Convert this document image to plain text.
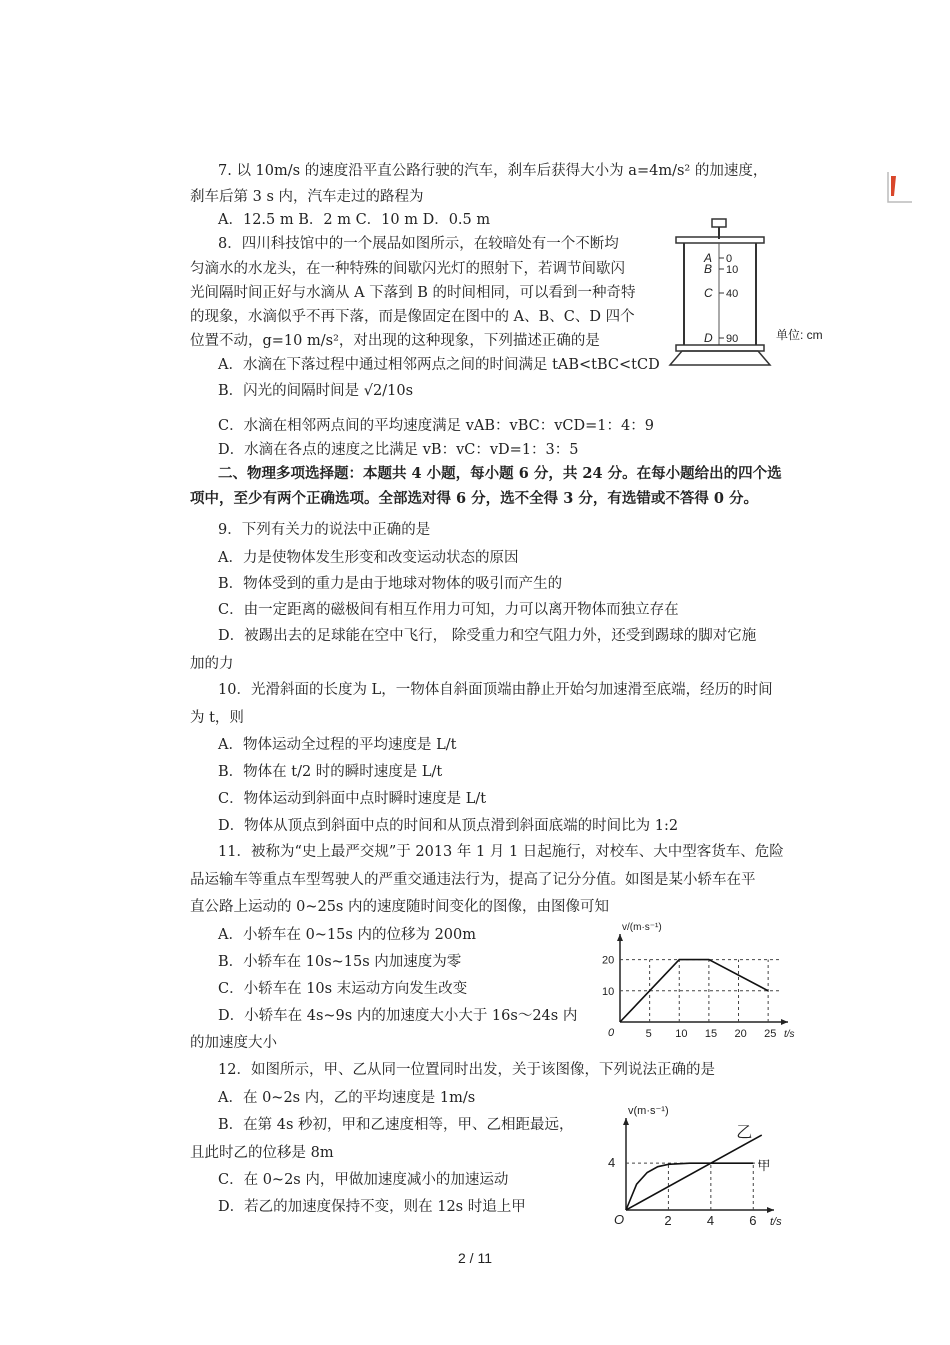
7. 以 10m/s 的速度沿平直公路行驶的汽车，刹车后获得大小为 a=4m/s² 的加速度，
刹车后第 3 s 内，汽车走过的路程为
A．12.5 m B．2 m C．10 m D．0.5 m
8．四川科技馆中的一个展品如图所示，在较暗处有一个不断均
匀滴水的水龙头，在一种特殊的间歇闪光灯的照射下，若调节间歇闪
光间隔时间正好与水滴从 A 下落到 B 的时间相同，可以看到一种奇特
的现象，水滴似乎不再下落，而是像固定在图中的 A、B、C、D 四个
位置不动，g=10 m/s²，对出现的这种现象，下列描述正确的是
A．水滴在下落过程中通过相邻两点之间的时间满足 tAB<tBC<tCD
B．闪光的间隔时间是 √2/10s
C．水滴在相邻两点间的平均速度满足 vAB：vBC：vCD=1：4：9
D．水滴在各点的速度之比满足 vB：vC：vD=1：3：5
A
B
C
D
0
10
40
90	单位: cm
二、物理多项选择题：本题共 4 小题，每小题 6 分，共 24 分。在每小题给出的四个选
项中，至少有两个正确选项。全部选对得 6 分，选不全得 3 分，有选错或不答得 0 分。
9．下列有关力的说法中正确的是
A．力是使物体发生形变和改变运动状态的原因
B．物体受到的重力是由于地球对物体的吸引而产生的
C．由一定距离的磁极间有相互作用力可知，力可以离开物体而独立存在
D．被踢出去的足球能在空中飞行， 除受重力和空气阻力外，还受到踢球的脚对它施
加的力
10．光滑斜面的长度为 L，一物体自斜面顶端由静止开始匀加速滑至底端，经历的时间
为 t，则
A．物体运动全过程的平均速度是 L/t
B．物体在 t/2 时的瞬时速度是 L/t
C．物体运动到斜面中点时瞬时速度是 L/t
D．物体从顶点到斜面中点的时间和从顶点滑到斜面底端的时间比为 1:2
11．被称为“史上最严交规”于 2013 年 1 月 1 日起施行，对校车、大中型客货车、危险
品运输车等重点车型驾驶人的严重交通违法行为，提高了记分分值。如图是某小轿车在平
直公路上运动的 0~25s 内的速度随时间变化的图像，由图像可知
A．小轿车在 0~15s 内的位移为 200m
B．小轿车在 10s~15s 内加速度为零
C．小轿车在 10s 末运动方向发生改变
D．小轿车在 4s~9s 内的加速度大小大于 16s～24s 内
的加速度大小
t/s
v/(m·s⁻¹)
0	5 10 15 20 25
10
20
12．如图所示，甲、乙从同一位置同时出发，关于该图像，下列说法正确的是
A．在 0~2s 内，乙的平均速度是 1m/s
B．在第 4s 秒初，甲和乙速度相等，甲、乙相距最远，
且此时乙的位移是 8m
C．在 0~2s 内，甲做加速度减小的加速运动
D．若乙的加速度保持不变，则在 12s 时追上甲
t/s
v(m·s⁻¹)
O	2	4	6
4
乙
甲
2 / 11
